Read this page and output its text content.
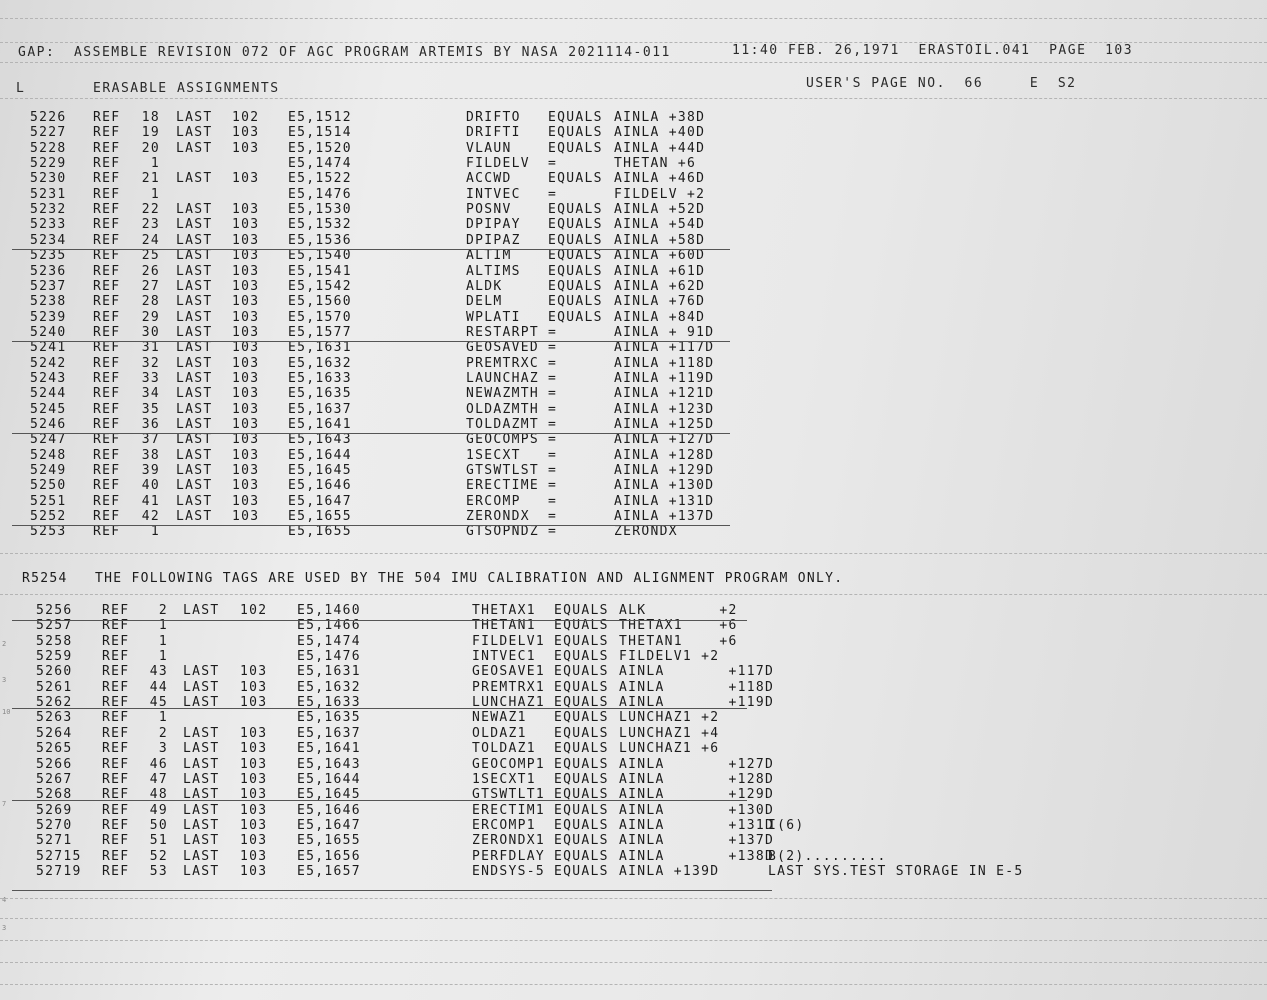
GAP:  ASSEMBLE REVISION 072 OF AGC PROGRAM ARTEMIS BY NASA 2021114-011	11:40 FEB. 26,1971  ERASTOIL.041  PAGE  103
L	ERASABLE ASSIGNMENTS	USER'S PAGE NO.  66     E  S2
5226 REF	18 LAST 102 E5,1512	DRIFTO EQUALS AINLA +38D
5227 REF	19 LAST 103 E5,1514	DRIFTI EQUALS AINLA +40D
5228 REF	20 LAST 103 E5,1520	VLAUN	EQUALS AINLA +44D
5229 REF	1	E5,1474	FILDELV =	THETAN +6
5230 REF	21 LAST 103 E5,1522	ACCWD	EQUALS AINLA +46D
5231 REF	1	E5,1476	INTVEC =	FILDELV +2
5232 REF	22 LAST 103 E5,1530	POSNV	EQUALS AINLA +52D
5233 REF	23 LAST 103 E5,1532	DPIPAY EQUALS AINLA +54D
5234 REF	24 LAST 103 E5,1536	DPIPAZ EQUALS AINLA +58D
5235 REF	25 LAST 103 E5,1540	ALTIM	EQUALS AINLA +60D
5236 REF	26 LAST 103 E5,1541	ALTIMS EQUALS AINLA +61D
5237 REF	27 LAST 103 E5,1542	ALDK	EQUALS AINLA +62D
5238 REF	28 LAST 103 E5,1560	DELM	EQUALS AINLA +76D
5239 REF	29 LAST 103 E5,1570	WPLATI EQUALS AINLA +84D
5240 REF	30 LAST 103 E5,1577	RESTARPT =	AINLA + 91D
5241 REF	31 LAST 103 E5,1631	GEOSAVED =	AINLA +117D
5242 REF	32 LAST 103 E5,1632	PREMTRXC =	AINLA +118D
5243 REF	33 LAST 103 E5,1633	LAUNCHAZ =	AINLA +119D
5244 REF	34 LAST 103 E5,1635	NEWAZMTH =	AINLA +121D
5245 REF	35 LAST 103 E5,1637	OLDAZMTH =	AINLA +123D
5246 REF	36 LAST 103 E5,1641	TOLDAZMT =	AINLA +125D
5247 REF	37 LAST 103 E5,1643	GEOCOMPS =	AINLA +127D
5248 REF	38 LAST 103 E5,1644	1SECXT =	AINLA +128D
5249 REF	39 LAST 103 E5,1645	GTSWTLST =	AINLA +129D
5250 REF	40 LAST 103 E5,1646	ERECTIME =	AINLA +130D
5251 REF	41 LAST 103 E5,1647	ERCOMP =	AINLA +131D
5252 REF	42 LAST 103 E5,1655	ZERONDX =	AINLA +137D
5253 REF	1	E5,1655	GTSOPNDZ =	ZERONDX
R5254   THE FOLLOWING TAGS ARE USED BY THE 504 IMU CALIBRATION AND ALIGNMENT PROGRAM ONLY.
5256 REF	2 LAST 102 E5,1460	THETAX1 EQUALS ALK        +2
5257 REF	1	E5,1466	THETAN1 EQUALS THETAX1    +6
5258 REF	1	E5,1474	FILDELV1 EQUALS THETAN1    +6
5259 REF	1	E5,1476	INTVEC1 EQUALS FILDELV1 +2
5260 REF	43 LAST 103 E5,1631	GEOSAVE1 EQUALS AINLA       +117D
5261 REF	44 LAST 103 E5,1632	PREMTRX1 EQUALS AINLA       +118D
5262 REF	45 LAST 103 E5,1633	LUNCHAZ1 EQUALS AINLA       +119D
5263 REF	1	E5,1635	NEWAZ1 EQUALS LUNCHAZ1 +2
5264 REF	2 LAST 103 E5,1637	OLDAZ1 EQUALS LUNCHAZ1 +4
5265 REF	3 LAST 103 E5,1641	TOLDAZ1 EQUALS LUNCHAZ1 +6
5266 REF	46 LAST 103 E5,1643	GEOCOMP1 EQUALS AINLA       +127D
5267 REF	47 LAST 103 E5,1644	1SECXT1 EQUALS AINLA       +128D
5268 REF	48 LAST 103 E5,1645	GTSWTLT1 EQUALS AINLA       +129D
5269 REF	49 LAST 103 E5,1646	ERECTIM1 EQUALS AINLA       +130D
5270 REF	50 LAST 103 E5,1647	ERCOMP1 EQUALS AINLA       +131D
I(6)
5271 REF	51 LAST 103 E5,1655	ZERONDX1 EQUALS AINLA       +137D
52715 REF	52 LAST 103 E5,1656	PERFDLAY EQUALS AINLA       +138D
B(2).........
52719 REF	53 LAST 103 E5,1657	ENDSYS-5 EQUALS AINLA +139D	LAST SYS.TEST STORAGE IN E-5
2
3
10
7
4
3
